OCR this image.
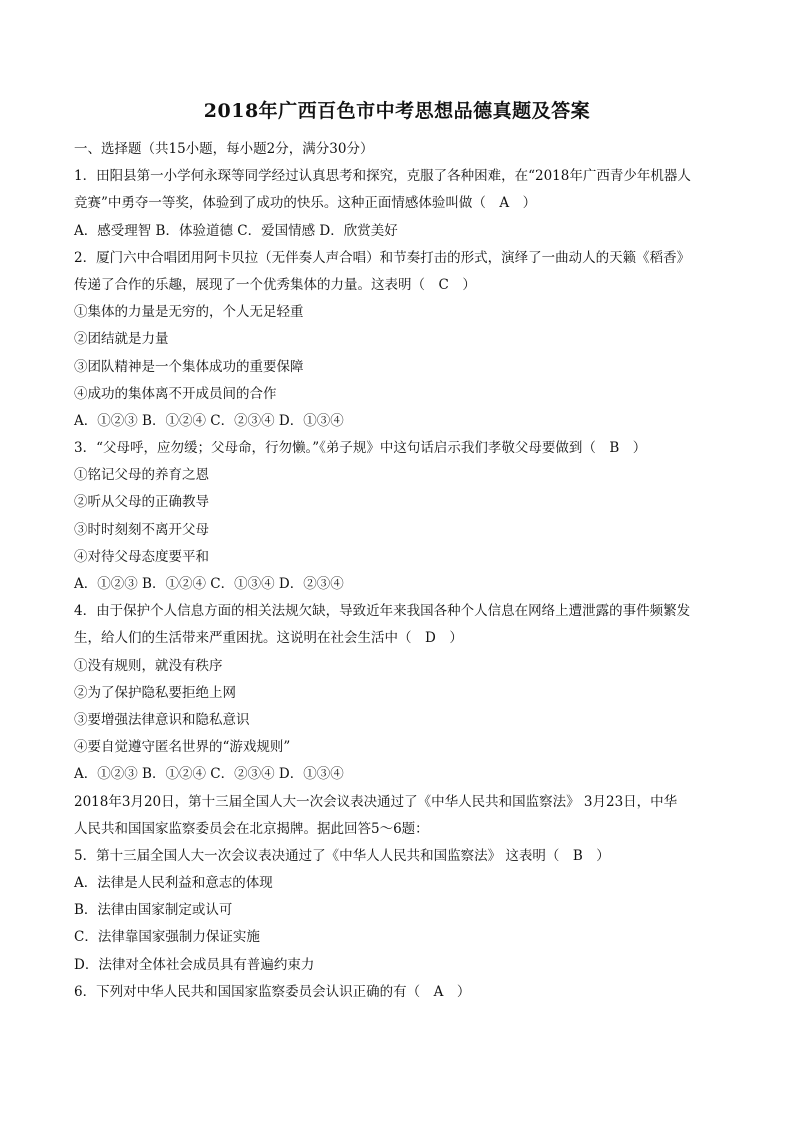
2018年广西百色市中考思想品德真题及答案
一、选择题（共15小题，每小题2分，满分30分）
1．田阳县第一小学何永琛等同学经过认真思考和探究，克服了各种困难，在“2018年广西青少年机器人
竞赛”中勇夺一等奖，体验到了成功的快乐。这种正面情感体验叫做（　A　）
A．感受理智 B．体验道德 C．爱国情感 D．欣赏美好
2．厦门六中合唱团用阿卡贝拉（无伴奏人声合唱）和节奏打击的形式，演绎了一曲动人的天籁《稻香》
传递了合作的乐趣，展现了一个优秀集体的力量。这表明（　C　）
①集体的力量是无穷的，个人无足轻重
②团结就是力量
③团队精神是一个集体成功的重要保障
④成功的集体离不开成员间的合作
A．①②③ B．①②④ C．②③④ D．①③④
3．“父母呼，应勿缓；父母命，行勿懒。”《弟子规》中这句话启示我们孝敬父母要做到（　B　）
①铭记父母的养育之恩
②听从父母的正确教导
③时时刻刻不离开父母
④对待父母态度要平和
A．①②③ B．①②④ C．①③④ D．②③④
4．由于保护个人信息方面的相关法规欠缺，导致近年来我国各种个人信息在网络上遭泄露的事件频繁发
生，给人们的生活带来严重困扰。这说明在社会生活中（　D　）
①没有规则，就没有秩序
②为了保护隐私要拒绝上网
③要增强法律意识和隐私意识
④要自觉遵守匿名世界的“游戏规则”
A．①②③ B．①②④ C．②③④ D．①③④
2018年3月20日，第十三届全国人大一次会议表决通过了《中华人民共和国监察法》 3月23日，中华
人民共和国国家监察委员会在北京揭牌。据此回答5～6题：
5．第十三届全国人大一次会议表决通过了《中华人人民共和国监察法》 这表明（　B　）
A．法律是人民利益和意志的体现
B．法律由国家制定或认可
C．法律靠国家强制力保证实施
D．法律对全体社会成员具有普遍约束力
6．下列对中华人民共和国国家监察委员会认识正确的有（　A　）
